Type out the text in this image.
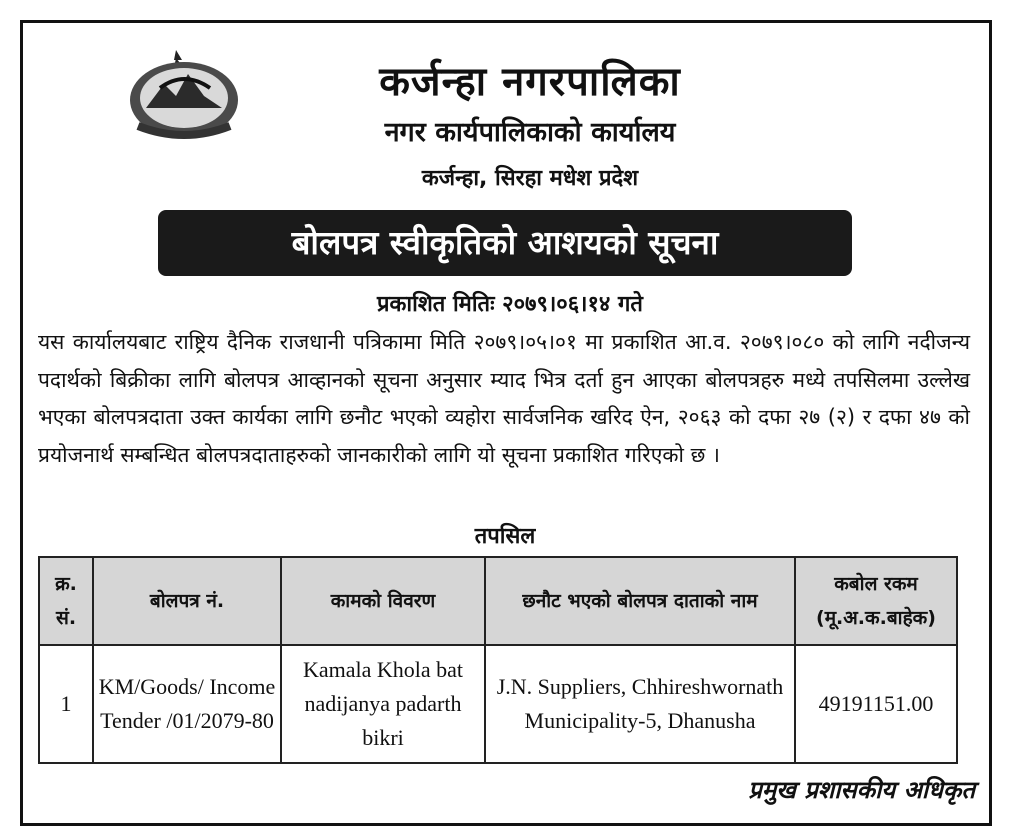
कर्जन्हा नगरपालिका
नगर कार्यपालिकाको कार्यालय
कर्जन्हा, सिरहा मधेश प्रदेश
बोलपत्र स्वीकृतिको आशयको सूचना
प्रकाशित मितिः २०७९।०६।१४ गते
यस कार्यालयबाट राष्ट्रिय दैनिक राजधानी पत्रिकामा मिति २०७९।०५।०१ मा प्रकाशित आ.व. २०७९।०८० को लागि नदीजन्य पदार्थको बिक्रीका लागि बोलपत्र आव्हानको सूचना अनुसार म्याद भित्र दर्ता हुन आएका बोलपत्रहरु मध्ये तपसिलमा उल्लेख भएका बोलपत्रदाता उक्त कार्यका लागि छनौट भएको व्यहोरा सार्वजनिक खरिद ऐन, २०६३ को दफा २७ (२) र दफा ४७ को प्रयोजनार्थ सम्बन्धित बोलपत्रदाताहरुको जानकारीको लागि यो सूचना प्रकाशित गरिएको छ ।
तपसिल
क्र. सं.	बोलपत्र नं.	कामको विवरण	छनौट भएको बोलपत्र दाताको नाम	कबोल रकम (मू.अ.क.बाहेक)
1	KM/Goods/ Income Tender /01/2079-80	Kamala Khola bat nadijanya padarth bikri	J.N. Suppliers, Chhireshwornath Municipality-5, Dhanusha	49191151.00
प्रमुख प्रशासकीय अधिकृत
